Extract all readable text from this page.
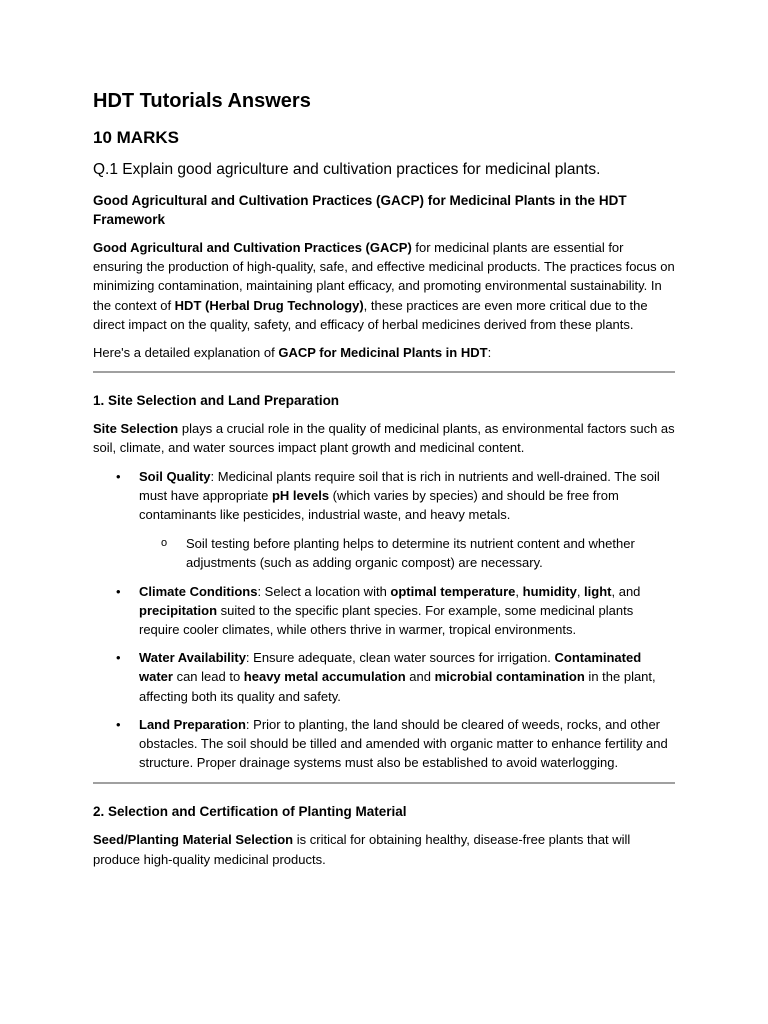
HDT Tutorials Answers
10 MARKS

Q.1 Explain good agriculture and cultivation practices for medicinal plants.

Good Agricultural and Cultivation Practices (GACP) for Medicinal Plants in the HDT Framework

Good Agricultural and Cultivation Practices (GACP) for medicinal plants are essential for ensuring the production of high-quality, safe, and effective medicinal products. The practices focus on minimizing contamination, maintaining plant efficacy, and promoting environmental sustainability. In the context of HDT (Herbal Drug Technology), these practices are even more critical due to the direct impact on the quality, safety, and efficacy of herbal medicines derived from these plants.

Here's a detailed explanation of GACP for Medicinal Plants in HDT:

1. Site Selection and Land Preparation

Site Selection plays a crucial role in the quality of medicinal plants, as environmental factors such as soil, climate, and water sources impact plant growth and medicinal content.

• Soil Quality: Medicinal plants require soil that is rich in nutrients and well-drained. The soil must have appropriate pH levels (which varies by species) and should be free from contaminants like pesticides, industrial waste, and heavy metals.
o Soil testing before planting helps to determine its nutrient content and whether adjustments (such as adding organic compost) are necessary.
• Climate Conditions: Select a location with optimal temperature, humidity, light, and precipitation suited to the specific plant species. For example, some medicinal plants require cooler climates, while others thrive in warmer, tropical environments.
• Water Availability: Ensure adequate, clean water sources for irrigation. Contaminated water can lead to heavy metal accumulation and microbial contamination in the plant, affecting both its quality and safety.
• Land Preparation: Prior to planting, the land should be cleared of weeds, rocks, and other obstacles. The soil should be tilled and amended with organic matter to enhance fertility and structure. Proper drainage systems must also be established to avoid waterlogging.

2. Selection and Certification of Planting Material

Seed/Planting Material Selection is critical for obtaining healthy, disease-free plants that will produce high-quality medicinal products.
